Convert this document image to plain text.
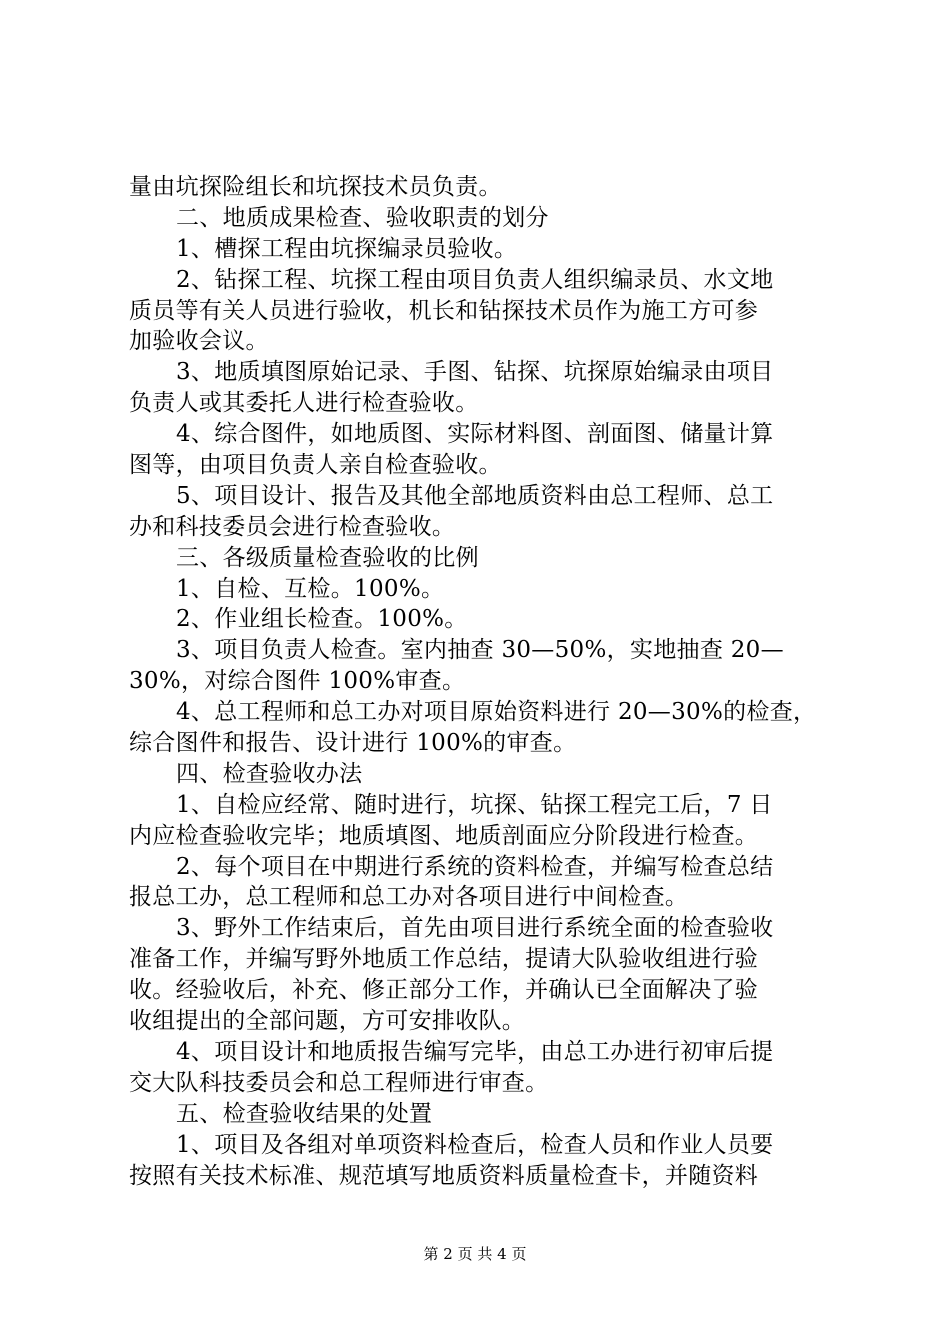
量由坑探险组长和坑探技术员负责。
二、地质成果检查、验收职责的划分
1、槽探工程由坑探编录员验收。
2、钻探工程、坑探工程由项目负责人组织编录员、水文地
质员等有关人员进行验收，机长和钻探技术员作为施工方可参
加验收会议。
3、地质填图原始记录、手图、钻探、坑探原始编录由项目
负责人或其委托人进行检查验收。
4、综合图件，如地质图、实际材料图、剖面图、储量计算
图等，由项目负责人亲自检查验收。
5、项目设计、报告及其他全部地质资料由总工程师、总工
办和科技委员会进行检查验收。
三、各级质量检查验收的比例
1、自检、互检。100%。
2、作业组长检查。100%。
3、项目负责人检查。室内抽查 30—50%，实地抽查 20—
30%，对综合图件 100%审查。
4、总工程师和总工办对项目原始资料进行 20—30%的检查，
综合图件和报告、设计进行 100%的审查。
四、检查验收办法
1、自检应经常、随时进行，坑探、钻探工程完工后，7 日
内应检查验收完毕；地质填图、地质剖面应分阶段进行检查。
2、每个项目在中期进行系统的资料检查，并编写检查总结
报总工办，总工程师和总工办对各项目进行中间检查。
3、野外工作结束后，首先由项目进行系统全面的检查验收
准备工作，并编写野外地质工作总结，提请大队验收组进行验
收。经验收后，补充、修正部分工作，并确认已全面解决了验
收组提出的全部问题，方可安排收队。
4、项目设计和地质报告编写完毕，由总工办进行初审后提
交大队科技委员会和总工程师进行审查。
五、检查验收结果的处置
1、项目及各组对单项资料检查后，检查人员和作业人员要
按照有关技术标准、规范填写地质资料质量检查卡，并随资料
第 2 页 共 4 页
